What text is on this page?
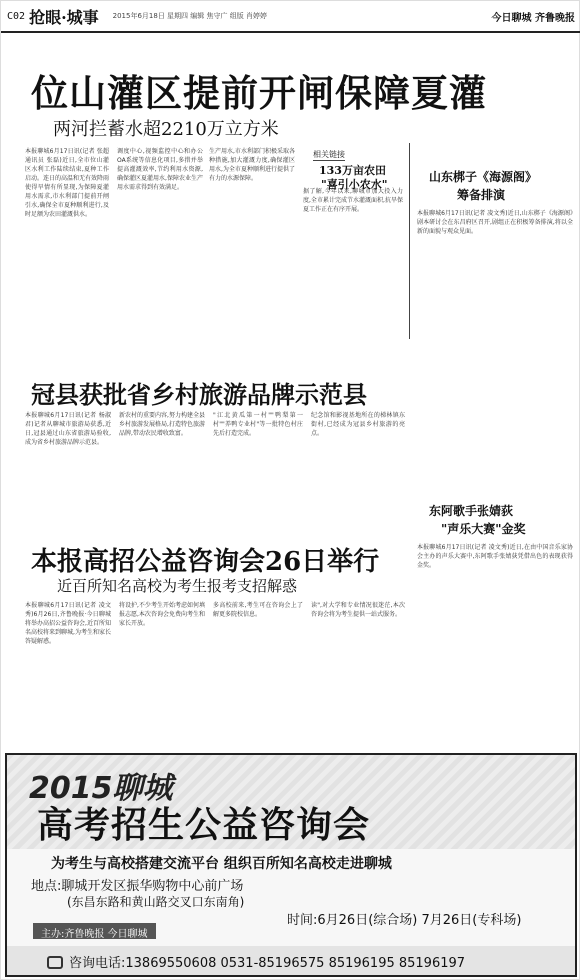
C02 抢眼·城事 2015年6月18日 星期四 编辑 焦守广 组版 肖婷婷	今日聊城 齐鲁晚报
位山灌区提前开闸保障夏灌
两河拦蓄水超2210万立方米
本报聊城6月17日讯(记者 张超 通讯员 张磊)近日,全市位山灌区水利工作陆续结束,夏种工作启动。连日的高温和无有效降雨使得旱情有所显现,为保障夏灌用水需求,市水利部门提前开闸引水,确保全市夏种顺利进行,及时足额为农田灌溉供水。
调度中心,视频监控中心和办公OA系统等信息化项目,多措并举提高灌溉效率,节约利用水资源,确保灌区夏灌用水,保障农业生产用水需求得到有效满足。
生产用水,市水利部门积极采取各种措施,加大灌溉力度,确保灌区用水,为全市夏种顺利进行提供了有力的水源保障。
据了解,今年以来,聊城市加大投入力度,全市累计完成节水灌溉面积,抗旱保夏工作正在有序开展。
相关链接
133万亩农田
"喜引小农水"
山东梆子《海源阁》
筹备排演
本报聊城6月17日讯(记者 凌文秀)近日,山东梆子《海源阁》剧本研讨会在东昌府区召开,剧组正在积极筹备排演,将以全新的面貌与观众见面。
冠县获批省乡村旅游品牌示范县
本报聊城6月17日讯(记者 杨淑君)记者从聊城市旅游局获悉,近日,冠县通过山东省旅游局验收,成为省乡村旅游品牌示范县。
新农村的重要内容,努力构建全县乡村旅游发展格局,打造特色旅游品牌,带动农民增收致富。
"江北黄瓜第一村""鸭梨第一村""养鸭专业村"等一批特色村庄先后打造完成。
纪念馆和影视基地所在的梯林镇东街村,已经成为冠县乡村旅游的亮点。
东阿歌手张婧荻
"声乐大赛"金奖
本报聊城6月17日讯(记者 凌文秀)近日,在由中国音乐家协会主办的声乐大赛中,东阿歌手张婧荻凭借出色的表现获得金奖。
本报高招公益咨询会26日举行
近百所知名高校为考生报考支招解惑
本报聊城6月17日讯(记者 凌文秀)6月26日,齐鲁晚报·今日聊城将举办高招公益咨询会,近百所知名高校将来到聊城,为考生和家长答疑解惑。
将设护,不少考生开始考虑如何填报志愿,本次咨询会免费向考生和家长开放。
多高校前来,考生可在咨询会上了解更多院校信息。
读",对大学和专业情况很迷茫,本次咨询会将为考生提供一站式服务。
2015聊城
高考招生公益咨询会
为考生与高校搭建交流平台 组织百所知名高校走进聊城
地点:聊城开发区振华购物中心前广场
(东昌东路和黄山路交叉口东南角)
时间:6月26日(综合场) 7月26日(专科场)
主办:齐鲁晚报 今日聊城
咨询电话:13869550608 0531-85196575 85196195 85196197
